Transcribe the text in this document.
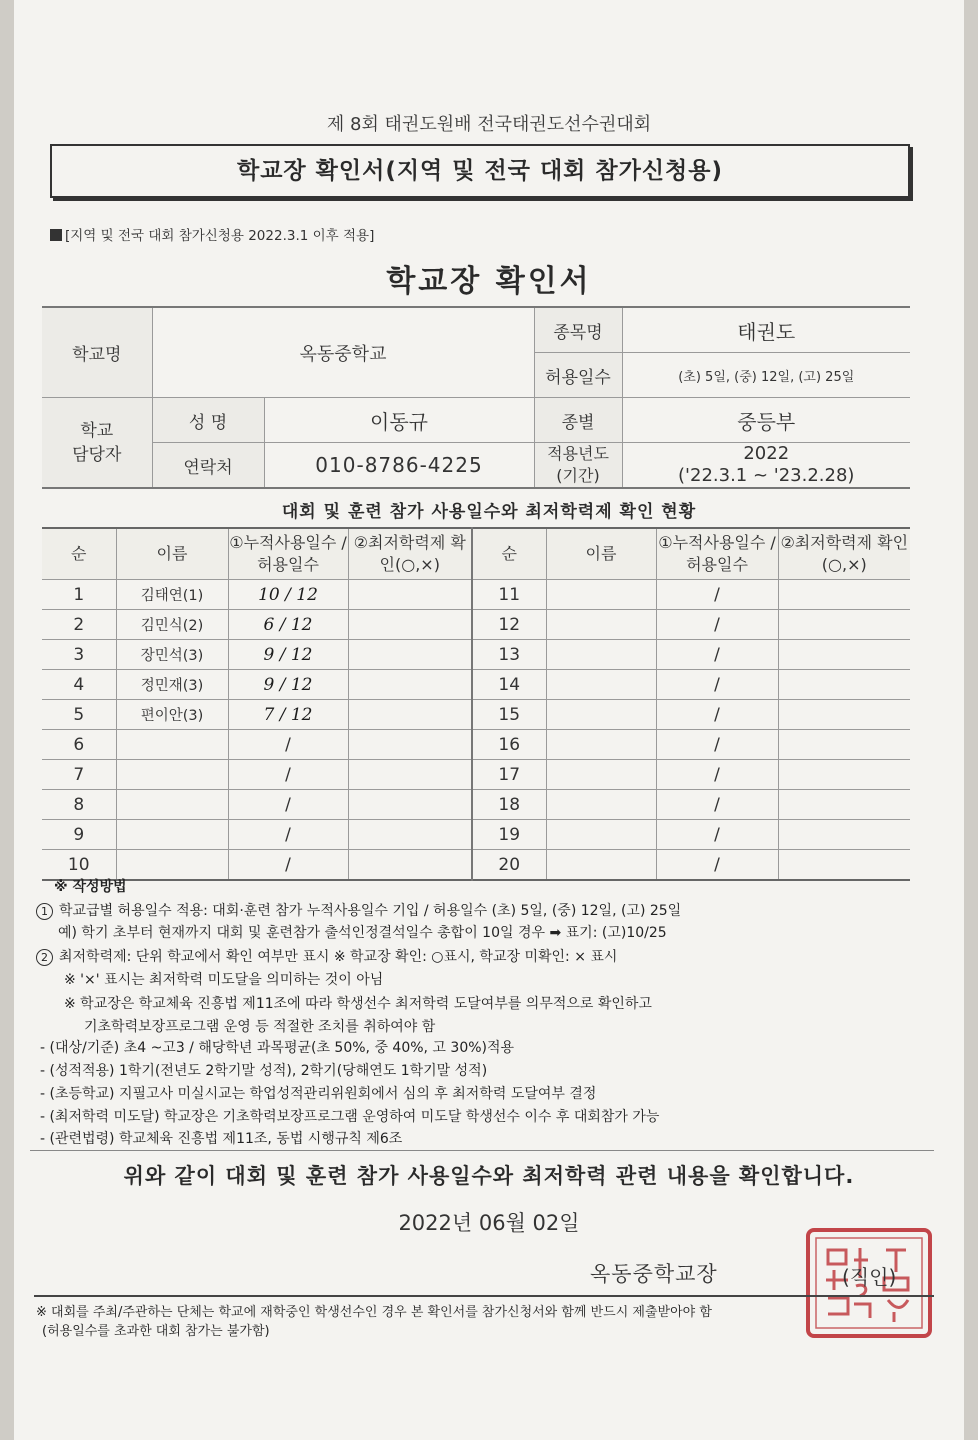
제 8회 태권도원배 전국태권도선수권대회
학교장 확인서(지역 및 전국 대회 참가신청용)
[지역 및 전국 대회 참가신청용 2022.3.1 이후 적용]
학교장 확인서
학교명	옥동중학교		종목명	태권도
			허용일수	(초) 5일, (중) 12일, (고) 25일
학교 담당자	성 명	이동규	종별	중등부
	연락처	010-8786-4225	적용년도 (기간)	2022
('22.3.1 ~ '23.2.28)
대회 및 훈련 참가 사용일수와 최저학력제 확인 현황
순	이름	①누적사용일수 /허용일수	②최저학력제 확인(○,×)	순	이름	①누적사용일수 /허용일수	②최저학력제 확인(○,×)
1	김태연(1)	10 / 12		11		/	
2	김민식(2)	6 / 12		12		/	
3	장민석(3)	9 / 12		13		/	
4	정민재(3)	9 / 12		14		/	
5	편이안(3)	7 / 12		15		/	
6		/		16		/	
7		/		17		/	
8		/		18		/	
9		/		19		/	
10		/		20		/	
※ 작성방법
1 학교급별 허용일수 적용: 대회·훈련 참가 누적사용일수 기입 / 허용일수 (초) 5일, (중) 12일, (고) 25일
예) 학기 초부터 현재까지 대회 및 훈련참가 출석인정결석일수 총합이 10일 경우 ➡ 표기: (고)10/25
2 최저학력제: 단위 학교에서 확인 여부만 표시 ※ 학교장 확인: ○표시, 학교장 미확인: × 표시
※ '×' 표시는 최저학력 미도달을 의미하는 것이 아님
※ 학교장은 학교체육 진흥법 제11조에 따라 학생선수 최저학력 도달여부를 의무적으로 확인하고
기초학력보장프로그램 운영 등 적절한 조치를 취하여야 함
- (대상/기준) 초4 ~고3 / 해당학년 과목평균(초 50%, 중 40%, 고 30%)적용
- (성적적용) 1학기(전년도 2학기말 성적), 2학기(당해연도 1학기말 성적)
- (초등학교) 지필고사 미실시교는 학업성적관리위원회에서 심의 후 최저학력 도달여부 결정
- (최저학력 미도달) 학교장은 기초학력보장프로그램 운영하여 미도달 학생선수 이수 후 대회참가 가능
- (관련법령) 학교체육 진흥법 제11조, 동법 시행규칙 제6조
위와 같이 대회 및 훈련 참가 사용일수와 최저학력 관련 내용을 확인합니다.
2022년 06월 02일
옥동중학교장	(직인)
※ 대회를 주최/주관하는 단체는 학교에 재학중인 학생선수인 경우 본 확인서를 참가신청서와 함께 반드시 제출받아야 함
(허용일수를 초과한 대회 참가는 불가함)
